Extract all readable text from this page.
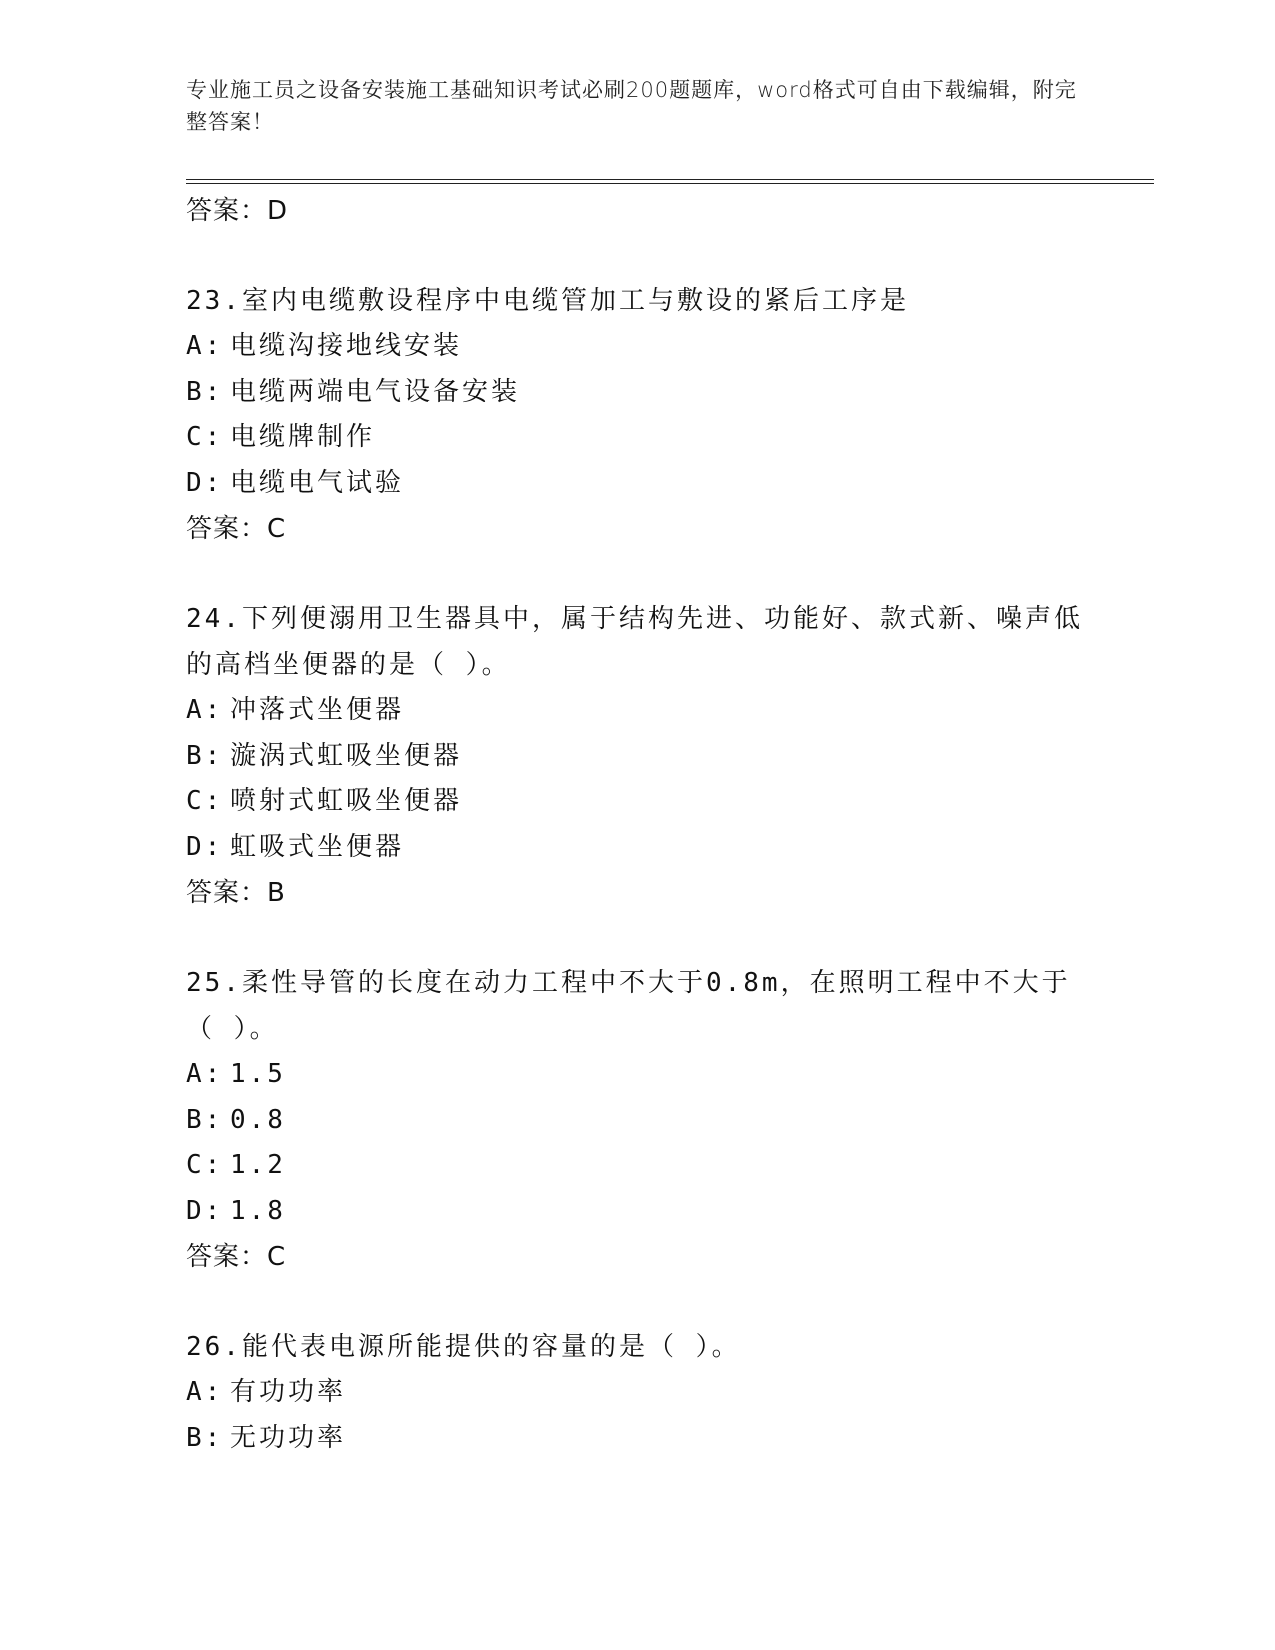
专业施工员之设备安装施工基础知识考试必刷200题题库，word格式可自由下载编辑，附完整答案！
答案：D
23.室内电缆敷设程序中电缆管加工与敷设的紧后工序是
A: 电缆沟接地线安装
B: 电缆两端电气设备安装
C: 电缆牌制作
D: 电缆电气试验
答案：C
24.下列便溺用卫生器具中，属于结构先进、功能好、款式新、噪声低的高档坐便器的是（ ）。
A: 冲落式坐便器
B: 漩涡式虹吸坐便器
C: 喷射式虹吸坐便器
D: 虹吸式坐便器
答案：B
25.柔性导管的长度在动力工程中不大于0.8m，在照明工程中不大于（ ）。
A: 1.5
B: 0.8
C: 1.2
D: 1.8
答案：C
26.能代表电源所能提供的容量的是（ ）。
A: 有功功率
B: 无功功率
